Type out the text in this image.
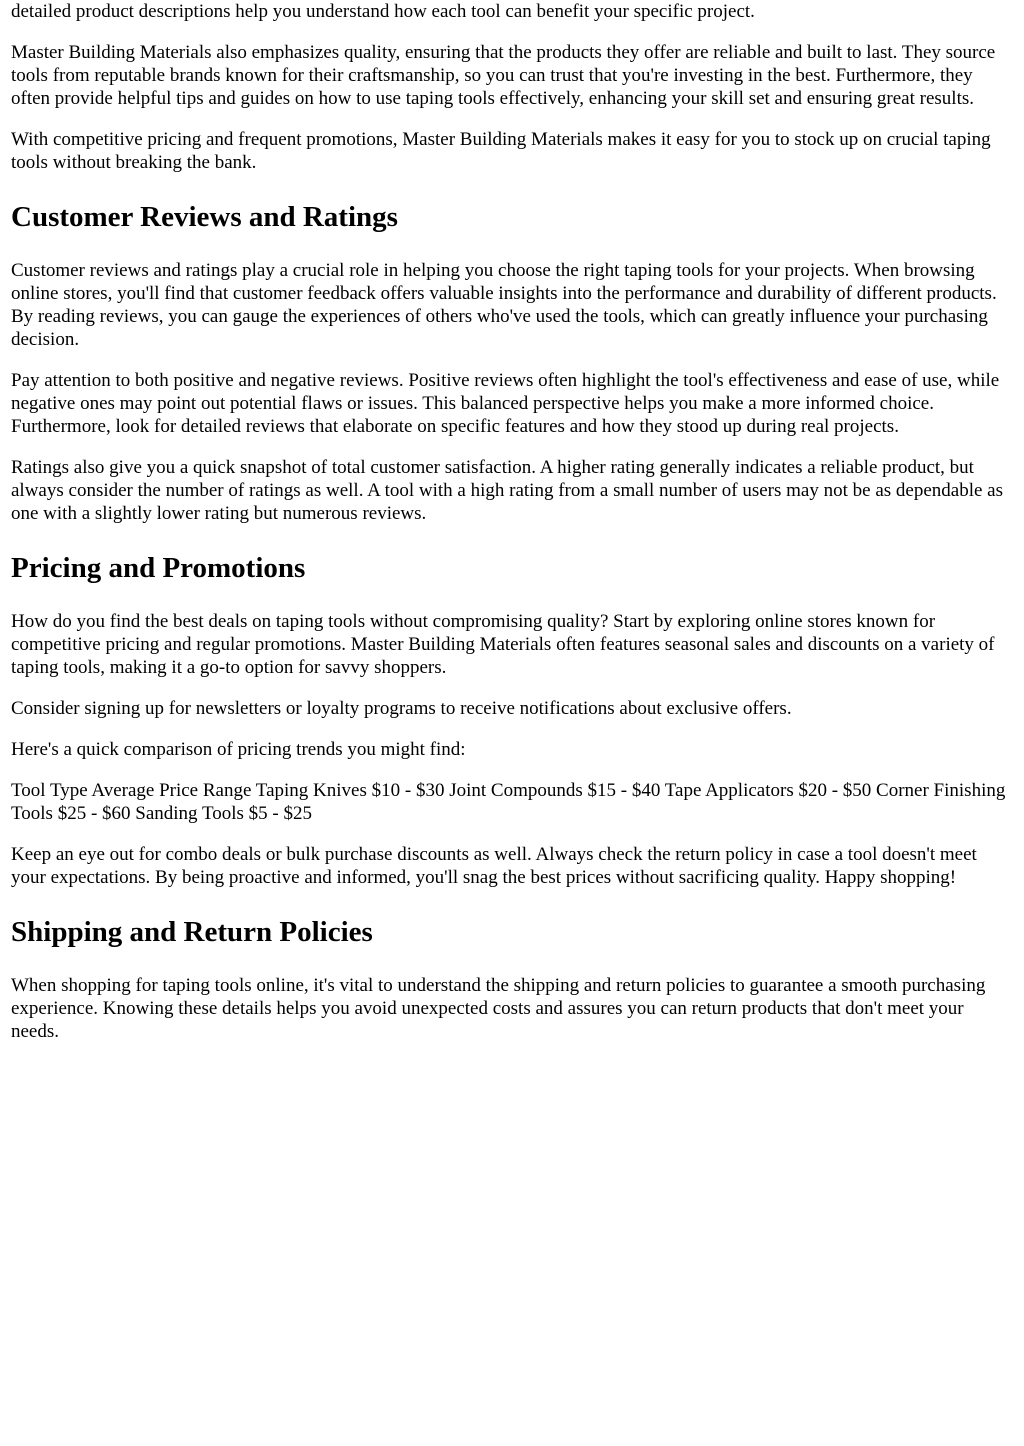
detailed product descriptions help you understand how each tool can benefit your specific project.

Master Building Materials also emphasizes quality, ensuring that the products they offer are reliable and built to last. They source tools from reputable brands known for their craftsmanship, so you can trust that you're investing in the best. Furthermore, they often provide helpful tips and guides on how to use taping tools effectively, enhancing your skill set and ensuring great results.

With competitive pricing and frequent promotions, Master Building Materials makes it easy for you to stock up on crucial taping tools without breaking the bank.

Customer Reviews and Ratings

Customer reviews and ratings play a crucial role in helping you choose the right taping tools for your projects. When browsing online stores, you'll find that customer feedback offers valuable insights into the performance and durability of different products. By reading reviews, you can gauge the experiences of others who've used the tools, which can greatly influence your purchasing decision.

Pay attention to both positive and negative reviews. Positive reviews often highlight the tool's effectiveness and ease of use, while negative ones may point out potential flaws or issues. This balanced perspective helps you make a more informed choice. Furthermore, look for detailed reviews that elaborate on specific features and how they stood up during real projects.

Ratings also give you a quick snapshot of total customer satisfaction. A higher rating generally indicates a reliable product, but always consider the number of ratings as well. A tool with a high rating from a small number of users may not be as dependable as one with a slightly lower rating but numerous reviews.

Pricing and Promotions

How do you find the best deals on taping tools without compromising quality? Start by exploring online stores known for competitive pricing and regular promotions. Master Building Materials often features seasonal sales and discounts on a variety of taping tools, making it a go-to option for savvy shoppers.

Consider signing up for newsletters or loyalty programs to receive notifications about exclusive offers.

Here's a quick comparison of pricing trends you might find:

Tool Type Average Price Range Taping Knives $10 - $30 Joint Compounds $15 - $40 Tape Applicators $20 - $50 Corner Finishing Tools $25 - $60 Sanding Tools $5 - $25

Keep an eye out for combo deals or bulk purchase discounts as well. Always check the return policy in case a tool doesn't meet your expectations. By being proactive and informed, you'll snag the best prices without sacrificing quality. Happy shopping!

Shipping and Return Policies

When shopping for taping tools online, it's vital to understand the shipping and return policies to guarantee a smooth purchasing experience. Knowing these details helps you avoid unexpected costs and assures you can return products that don't meet your needs.
